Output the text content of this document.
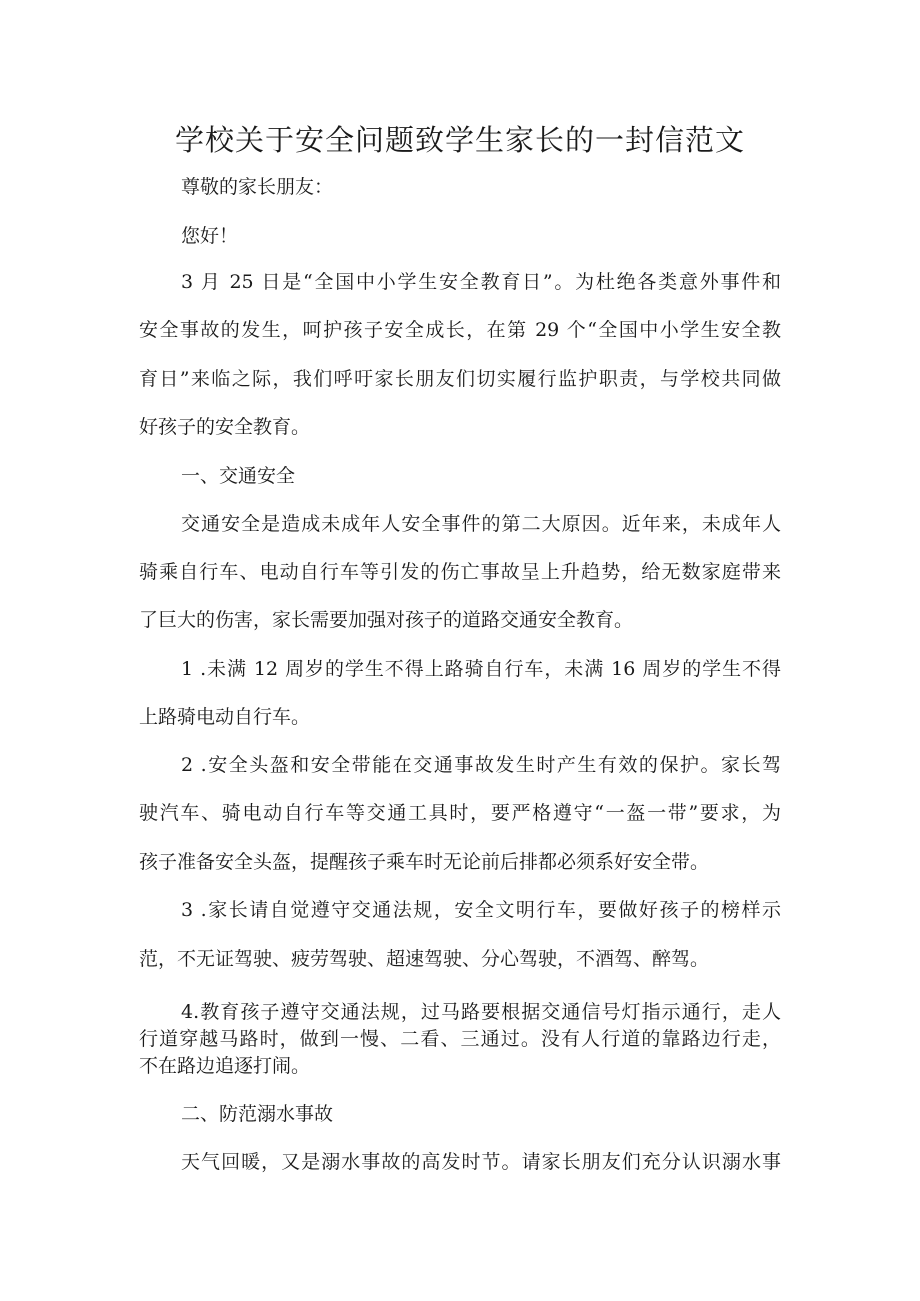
学校关于安全问题致学生家长的一封信范文
尊敬的家长朋友：
您好！
3 月 25 日是“全国中小学生安全教育日”。为杜绝各类意外事件和
安全事故的发生，呵护孩子安全成长，在第 29 个“全国中小学生安全教
育日”来临之际，我们呼吁家长朋友们切实履行监护职责，与学校共同做
好孩子的安全教育。
一、交通安全
交通安全是造成未成年人安全事件的第二大原因。近年来，未成年人
骑乘自行车、电动自行车等引发的伤亡事故呈上升趋势，给无数家庭带来
了巨大的伤害，家长需要加强对孩子的道路交通安全教育。
1 .未满 12 周岁的学生不得上路骑自行车，未满 16 周岁的学生不得
上路骑电动自行车。
2 .安全头盔和安全带能在交通事故发生时产生有效的保护。家长驾
驶汽车、骑电动自行车等交通工具时，要严格遵守“一盔一带”要求，为
孩子准备安全头盔，提醒孩子乘车时无论前后排都必须系好安全带。
3 .家长请自觉遵守交通法规，安全文明行车，要做好孩子的榜样示
范，不无证驾驶、疲劳驾驶、超速驾驶、分心驾驶，不酒驾、醉驾。
4.教育孩子遵守交通法规，过马路要根据交通信号灯指示通行，走人
行道穿越马路时，做到一慢、二看、三通过。没有人行道的靠路边行走，
不在路边追逐打闹。
二、防范溺水事故
天气回暖，又是溺水事故的高发时节。请家长朋友们充分认识溺水事
